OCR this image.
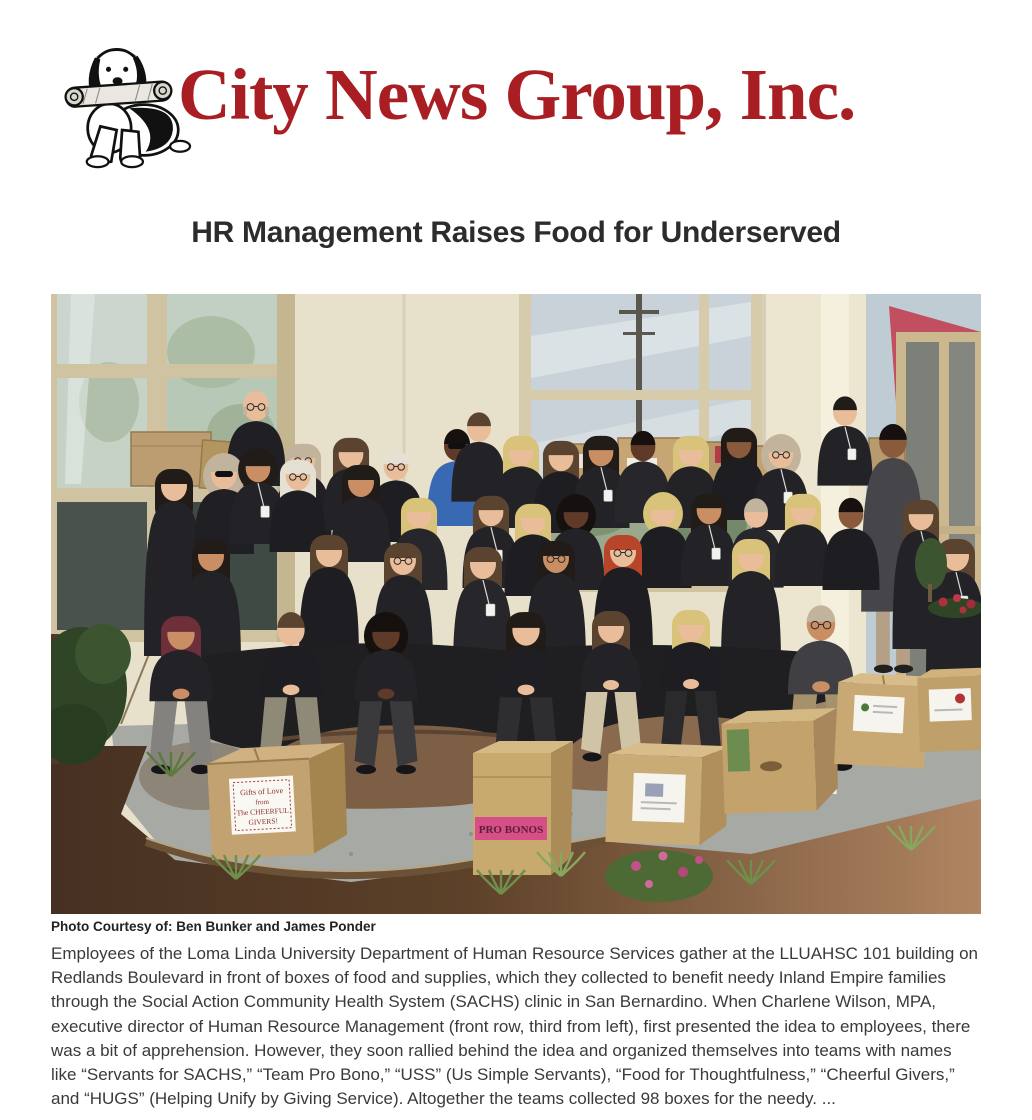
City News Group, Inc.
HR Management Raises Food for Underserved
Gifts of Love
from
The CHEERFUL
GIVERS!
PRO BONOS
Photo Courtesy of: Ben Bunker and James Ponder

Employees of the Loma Linda University Department of Human Resource Services gather at the LLUAHSC 101 building on Redlands Boulevard in front of boxes of food and supplies, which they collected to benefit needy Inland Empire families through the Social Action Community Health System (SACHS) clinic in San Bernardino. When Charlene Wilson, MPA, executive director of Human Resource Management (front row, third from left), first presented the idea to employees, there was a bit of apprehension. However, they soon rallied behind the idea and organized themselves into teams with names like “Servants for SACHS,” “Team Pro Bono,” “USS” (Us Simple Servants), “Food for Thoughtfulness,” “Cheerful Givers,” and “HUGS” (Helping Unify by Giving Service). Altogether the teams collected 98 boxes for the needy. ...
